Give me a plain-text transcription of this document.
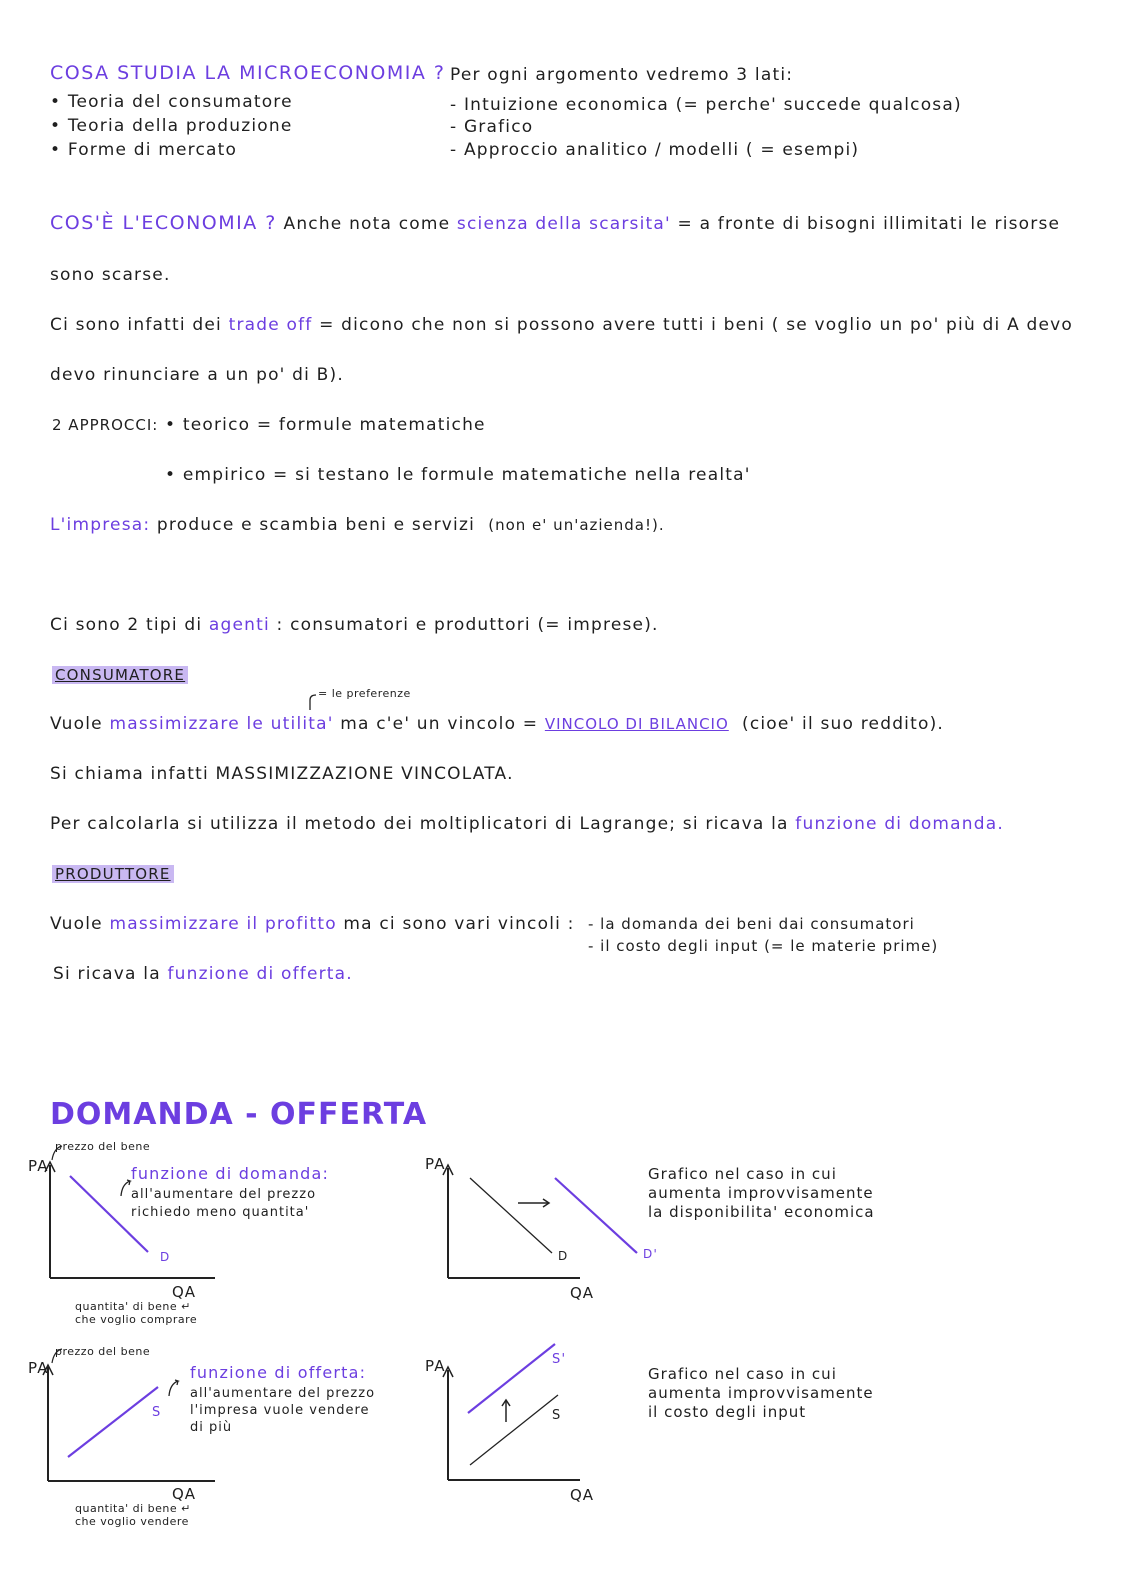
COSA STUDIA LA MICROECONOMIA ?
• Teoria del consumatore
• Teoria della produzione
• Forme di mercato
Per ogni argomento vedremo 3 lati:
- Intuizione economica (= perche' succede qualcosa)
- Grafico
- Approccio analitico / modelli ( = esempi)
COS'È L'ECONOMIA ? Anche nota come scienza della scarsita' = a fronte di bisogni illimitati le risorse
sono scarse.
Ci sono infatti dei trade off = dicono che non si possono avere tutti i beni ( se voglio un po' più di A devo
devo rinunciare a un po' di B).
2 APPROCCI: • teorico = formule matematiche
• empirico = si testano le formule matematiche nella realta'
L'impresa: produce e scambia beni e servizi (non e' un'azienda!).
Ci sono 2 tipi di agenti : consumatori e produttori (= imprese).
CONSUMATORE
= le preferenze
Vuole massimizzare le utilita' ma c'e' un vincolo = VINCOLO DI BILANCIO (cioe' il suo reddito).
Si chiama infatti MASSIMIZZAZIONE VINCOLATA.
Per calcolarla si utilizza il metodo dei moltiplicatori di Lagrange; si ricava la funzione di domanda.
PRODUTTORE
Vuole massimizzare il profitto ma ci sono vari vincoli : - la domanda dei beni dai consumatori
- il costo degli input (= le materie prime)
Si ricava la funzione di offerta.
DOMANDA - OFFERTA
prezzo del bene
PA
D
QA
quantita' di bene ↵
che voglio comprare
funzione di domanda:
all'aumentare del prezzo
richiedo meno quantita'
PA
D	D'
QA
Grafico nel caso in cui
aumenta improvvisamente
la disponibilita' economica
prezzo del bene
PA
S
QA
quantita' di bene ↵
che voglio vendere
funzione di offerta:
all'aumentare del prezzo
l'impresa vuole vendere
di più
PA	S'
S
QA
Grafico nel caso in cui
aumenta improvvisamente
il costo degli input
